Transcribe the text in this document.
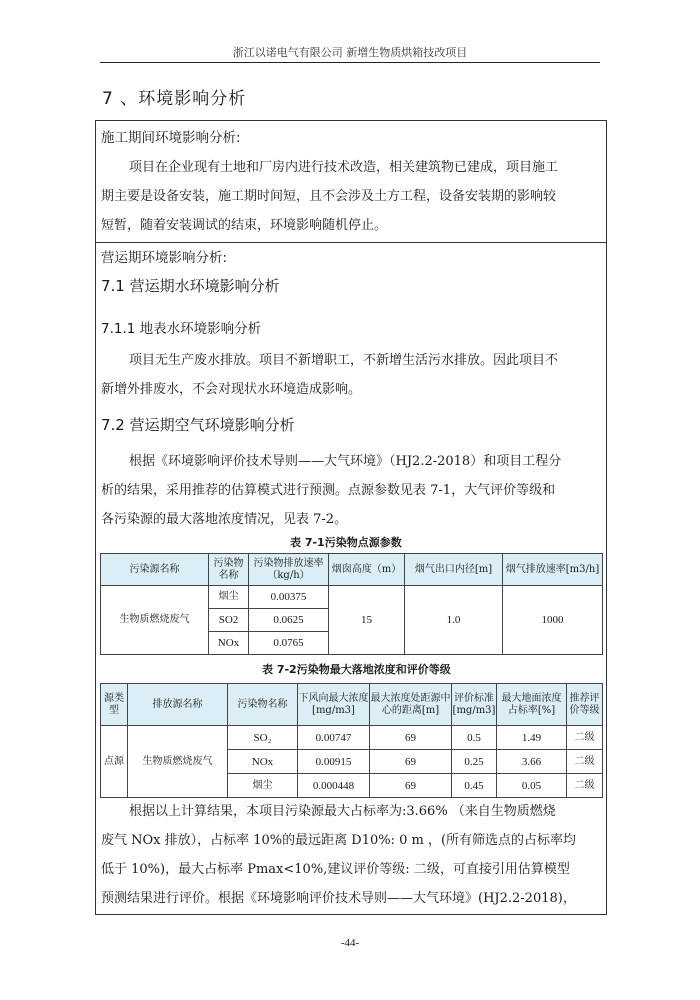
浙江以诺电气有限公司 新增生物质烘箱技改项目
7 、环境影响分析
施工期间环境影响分析:
项目在企业现有土地和厂房内进行技术改造，相关建筑物已建成，项目施工
期主要是设备安装，施工期时间短，且不会涉及土方工程，设备安装期的影响较
短暂，随着安装调试的结束，环境影响随机停止。
营运期环境影响分析:
7.1 营运期水环境影响分析
7.1.1 地表水环境影响分析
项目无生产废水排放。项目不新增职工，不新增生活污水排放。因此项目不
新增外排废水，不会对现状水环境造成影响。
7.2 营运期空气环境影响分析
根据《环境影响评价技术导则——大气环境》（HJ2.2-2018）和项目工程分
析的结果，采用推荐的估算模式进行预测。点源参数见表 7-1，大气评价等级和
各污染源的最大落地浓度情况，见表 7-2。
表 7-1污染物点源参数
污染源名称	污染物名称	污染物排放速率（kg/h）	烟囱高度（m）	烟气出口内径[m]	烟气排放速率[m3/h]
生物质燃烧废气	烟尘	0.00375	15	1.0	1000
	SO2	0.0625			
	NOx	0.0765			
表 7-2污染物最大落地浓度和评价等级
源类型	排放源名称	污染物名称	下风向最大浓度[mg/m3]	最大浓度处距源中心的距离[m]	评价标准[mg/m3]	最大地面浓度占标率[%]	推荐评价等级
点源	生物质燃烧废气	SO₂	0.00747	69	0.5	1.49	二级
		NOx	0.00915	69	0.25	3.66	二级
		烟尘	0.000448	69	0.45	0.05	二级
根据以上计算结果，本项目污染源最大占标率为:3.66% （来自生物质燃烧
废气 NOx 排放），占标率 10%的最远距离 D10%: 0 m ，(所有筛选点的占标率均
低于 10%)，最大占标率 Pmax<10%,建议评价等级: 二级，可直接引用估算模型
预测结果进行评价。根据《环境影响评价技术导则——大气环境》(HJ2.2-2018)，
-44-
